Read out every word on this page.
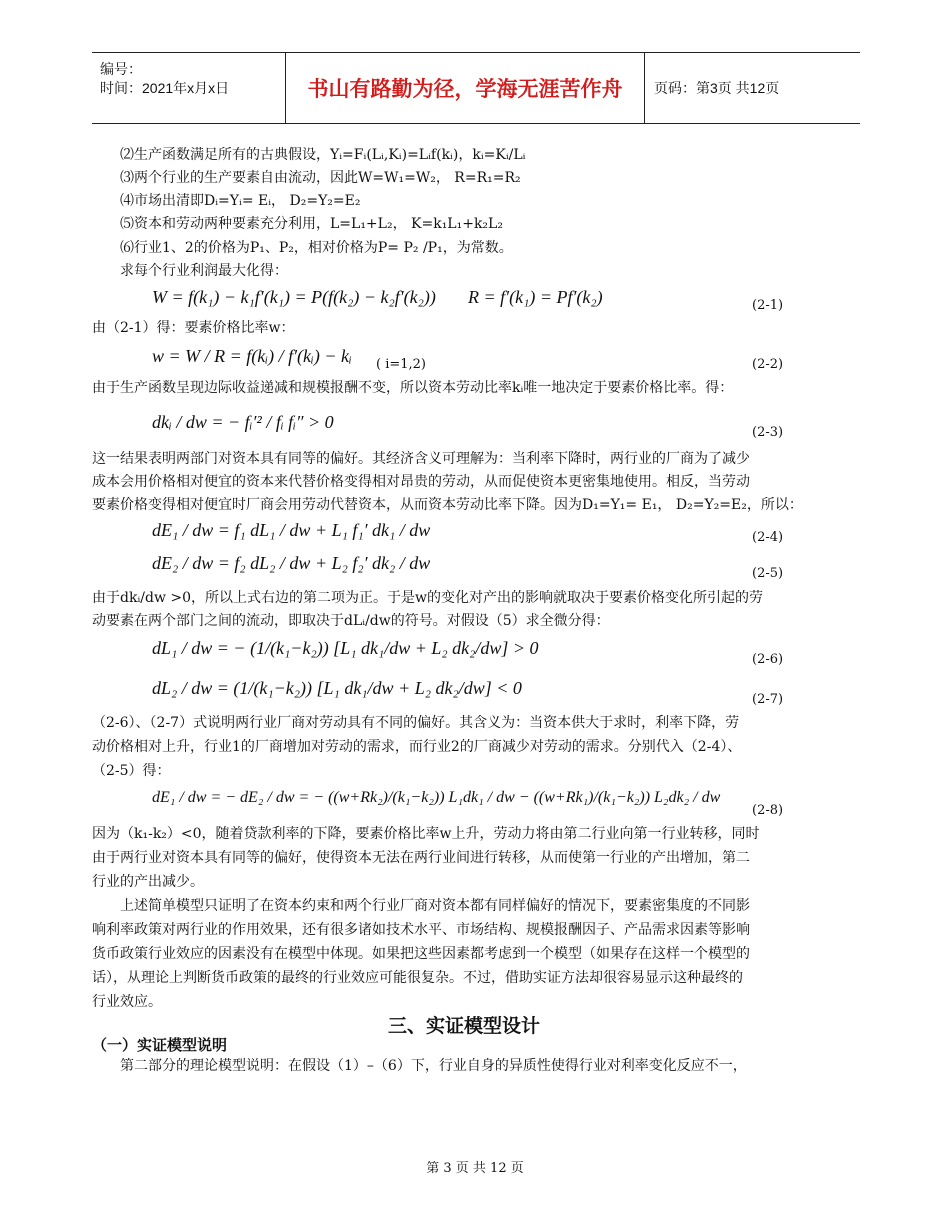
编号：
时间：2021年x月x日	书山有路勤为径，学海无涯苦作舟 页码：第3页 共12页
⑵生产函数满足所有的古典假设，Yᵢ=Fᵢ(Lᵢ,Kᵢ)=Lᵢf(kᵢ)，kᵢ=Kᵢ/Lᵢ
⑶两个行业的生产要素自由流动，因此W=W₁=W₂， R=R₁=R₂
⑷市场出清即Dᵢ=Yᵢ= Eᵢ， D₂=Y₂=E₂
⑸资本和劳动两种要素充分利用，L=L₁+L₂， K=k₁L₁+k₂L₂
⑹行业1、2的价格为P₁、P₂，相对价格为P= P₂ /P₁，为常数。
求每个行业利润最大化得：
W = f(k₁) − k₁f′(k₁) = P(f(k₂) − k₂f′(k₂)) R = f′(k₁) = Pf′(k₂)	(2-1)
由（2-1）得：要素价格比率w：
w = W / R = f(kᵢ) / f′(kᵢ) − kᵢ ( i=1,2)	(2-2)
由于生产函数呈现边际收益递减和规模报酬不变，所以资本劳动比率kᵢ唯一地决定于要素价格比率。得：
dkᵢ / dw = − fᵢ′² / fᵢ fᵢ″ > 0
(2-3)
这一结果表明两部门对资本具有同等的偏好。其经济含义可理解为：当利率下降时，两行业的厂商为了减少
成本会用价格相对便宜的资本来代替价格变得相对昂贵的劳动，从而促使资本更密集地使用。相反，当劳动
要素价格变得相对便宜时厂商会用劳动代替资本，从而资本劳动比率下降。因为D₁=Y₁= E₁， D₂=Y₂=E₂，所以：
dE₁ / dw = f₁ dL₁ / dw + L₁ f₁′ dk₁ / dw	(2-4)
dE₂ / dw = f₂ dL₂ / dw + L₂ f₂′ dk₂ / dw
(2-5)
由于dkᵢ/dw >0，所以上式右边的第二项为正。于是w的变化对产出的影响就取决于要素价格变化所引起的劳
动要素在两个部门之间的流动，即取决于dLᵢ/dw的符号。对假设（5）求全微分得：
dL₁ / dw = − (1/(k₁−k₂)) [L₁ dk₁/dw + L₂ dk₂/dw] > 0
(2-6)
dL₂ / dw = (1/(k₁−k₂)) [L₁ dk₁/dw + L₂ dk₂/dw] < 0
(2-7)
（2-6）、（2-7）式说明两行业厂商对劳动具有不同的偏好。其含义为：当资本供大于求时，利率下降，劳
动价格相对上升，行业1的厂商增加对劳动的需求，而行业2的厂商减少对劳动的需求。分别代入（2-4）、
（2-5）得：
dE₁ / dw = − dE₂ / dw = − ((w+Rk₂)/(k₁−k₂)) L₁dk₁ / dw − ((w+Rk₁)/(k₁−k₂)) L₂dk₂ / dw
(2-8)
因为（k₁-k₂）<0，随着贷款利率的下降，要素价格比率w上升，劳动力将由第二行业向第一行业转移，同时
由于两行业对资本具有同等的偏好，使得资本无法在两行业间进行转移，从而使第一行业的产出增加，第二
行业的产出减少。
上述简单模型只证明了在资本约束和两个行业厂商对资本都有同样偏好的情况下，要素密集度的不同影
响利率政策对两行业的作用效果，还有很多诸如技术水平、市场结构、规模报酬因子、产品需求因素等影响
货币政策行业效应的因素没有在模型中体现。如果把这些因素都考虑到一个模型（如果存在这样一个模型的
话），从理论上判断货币政策的最终的行业效应可能很复杂。不过，借助实证方法却很容易显示这种最终的
行业效应。
三、实证模型设计
（一）实证模型说明
第二部分的理论模型说明：在假设（1）–（6）下，行业自身的异质性使得行业对利率变化反应不一，
第 3 页 共 12 页
